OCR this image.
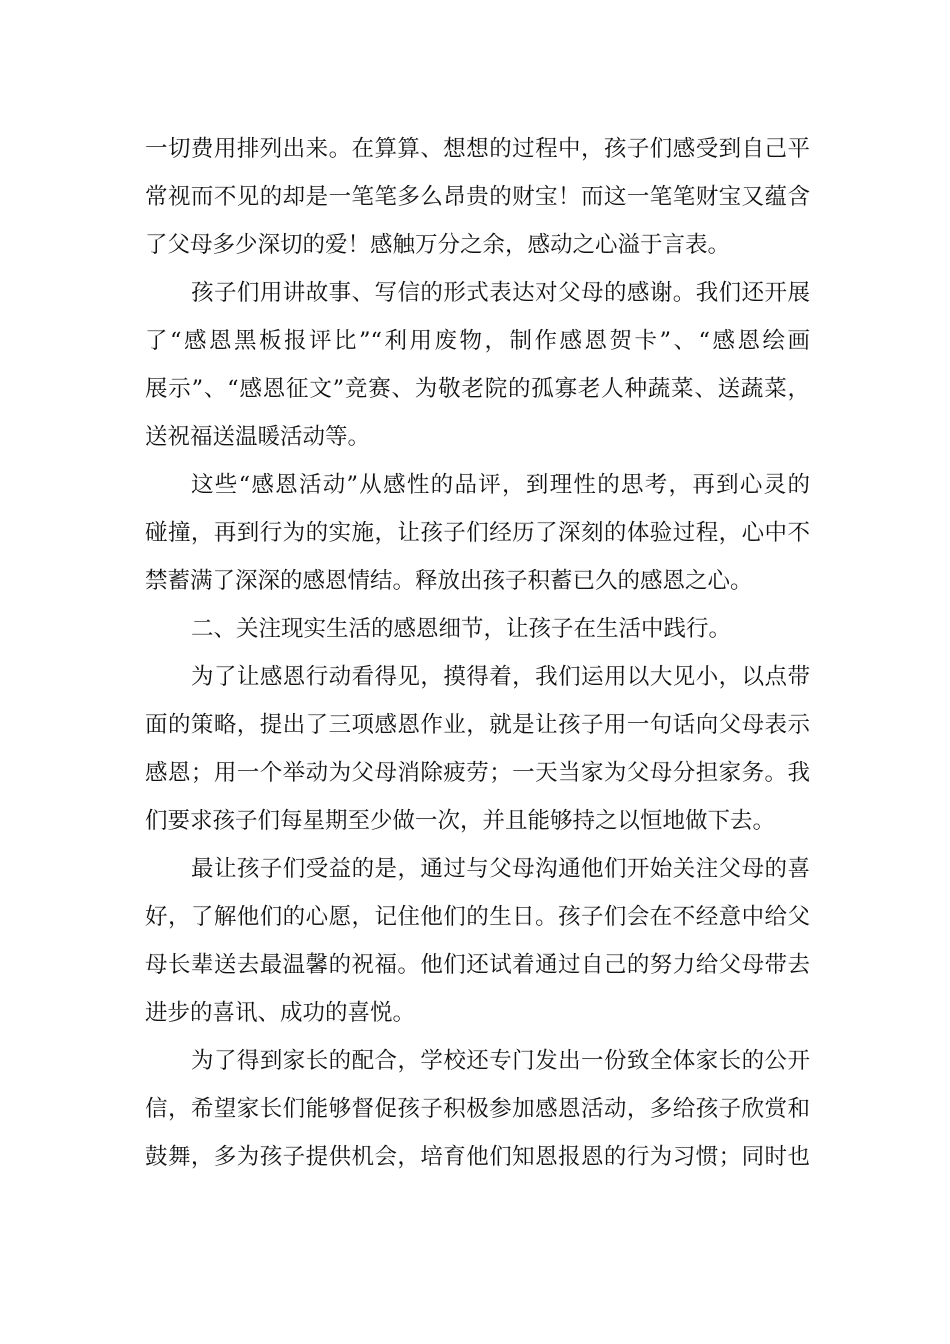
一切费用排列出来。在算算、想想的过程中，孩子们感受到自己平
常视而不见的却是一笔笔多么昂贵的财宝！而这一笔笔财宝又蕴含
了父母多少深切的爱！感触万分之余，感动之心溢于言表。
孩子们用讲故事、写信的形式表达对父母的感谢。我们还开展
了“感恩黑板报评比”“利用废物，制作感恩贺卡”、“感恩绘画
展示”、“感恩征文”竞赛、为敬老院的孤寡老人种蔬菜、送蔬菜，
送祝福送温暖活动等。
这些“感恩活动”从感性的品评，到理性的思考，再到心灵的
碰撞，再到行为的实施，让孩子们经历了深刻的体验过程，心中不
禁蓄满了深深的感恩情结。释放出孩子积蓄已久的感恩之心。
二、关注现实生活的感恩细节，让孩子在生活中践行。
为了让感恩行动看得见，摸得着，我们运用以大见小，以点带
面的策略，提出了三项感恩作业，就是让孩子用一句话向父母表示
感恩；用一个举动为父母消除疲劳；一天当家为父母分担家务。我
们要求孩子们每星期至少做一次，并且能够持之以恒地做下去。
最让孩子们受益的是，通过与父母沟通他们开始关注父母的喜
好，了解他们的心愿，记住他们的生日。孩子们会在不经意中给父
母长辈送去最温馨的祝福。他们还试着通过自己的努力给父母带去
进步的喜讯、成功的喜悦。
为了得到家长的配合，学校还专门发出一份致全体家长的公开
信，希望家长们能够督促孩子积极参加感恩活动，多给孩子欣赏和
鼓舞，多为孩子提供机会，培育他们知恩报恩的行为习惯；同时也
